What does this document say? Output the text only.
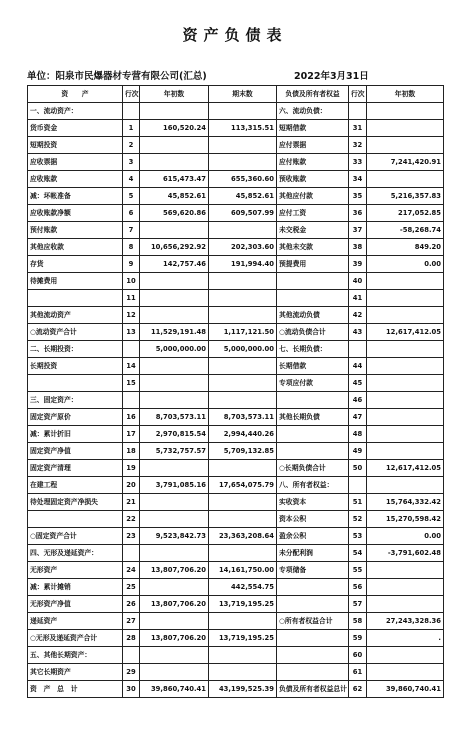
资产负债表
单位：阳泉市民爆器材专营有限公司(汇总)	2022年3月31日
资　　产	行次	年初数	期末数	负债及所有者权益	行次	年初数
一、流动资产：				六、流动负债：		
货币资金	1	160,520.24	113,315.51	短期借款	31	
短期投资	2			应付票据	32	
应收票据	3			应付账款	33	7,241,420.91
应收账款	4	615,473.47	655,360.60	预收账款	34	
减：坏帐准备	5	45,852.61	45,852.61	其他应付款	35	5,216,357.83
应收账款净额	6	569,620.86	609,507.99	应付工资	36	217,052.85
预付账款	7			未交税金	37	-58,268.74
其他应收款	8	10,656,292.92	202,303.60	其他未交款	38	849.20
存货	9	142,757.46	191,994.40	预提费用	39	0.00
待摊费用	10				40	
	11				41	
其他流动资产	12			其他流动负债	42	
○流动资产合计	13	11,529,191.48	1,117,121.50	○流动负债合计	43	12,617,412.05
二、长期投资：		5,000,000.00	5,000,000.00	七、长期负债：		
长期投资	14			长期借款	44	
	15			专项应付款	45	
三、固定资产：					46	
固定资产原价	16	8,703,573.11	8,703,573.11	其他长期负债	47	
减：累计折旧	17	2,970,815.54	2,994,440.26		48	
固定资产净值	18	5,732,757.57	5,709,132.85		49	
固定资产清理	19			○长期负债合计	50	12,617,412.05
在建工程	20	3,791,085.16	17,654,075.79	八、所有者权益：		
待处理固定资产净损失	21			实收资本	51	15,764,332.42
	22			资本公积	52	15,270,598.42
○固定资产合计	23	9,523,842.73	23,363,208.64	盈余公积	53	0.00
四、无形及递延资产：				未分配利润	54	-3,791,602.48
无形资产	24	13,807,706.20	14,161,750.00	专项储备	55	
减：累计摊销	25		442,554.75		56	
无形资产净值	26	13,807,706.20	13,719,195.25		57	
递延资产	27			○所有者权益合计	58	27,243,328.36
○无形及递延资产合计	28	13,807,706.20	13,719,195.25		59	.
五、其他长期资产：					60	
其它长期资产	29				61	
资　产　总　计	30	39,860,740.41	43,199,525.39	负债及所有者权益总计	62	39,860,740.41
